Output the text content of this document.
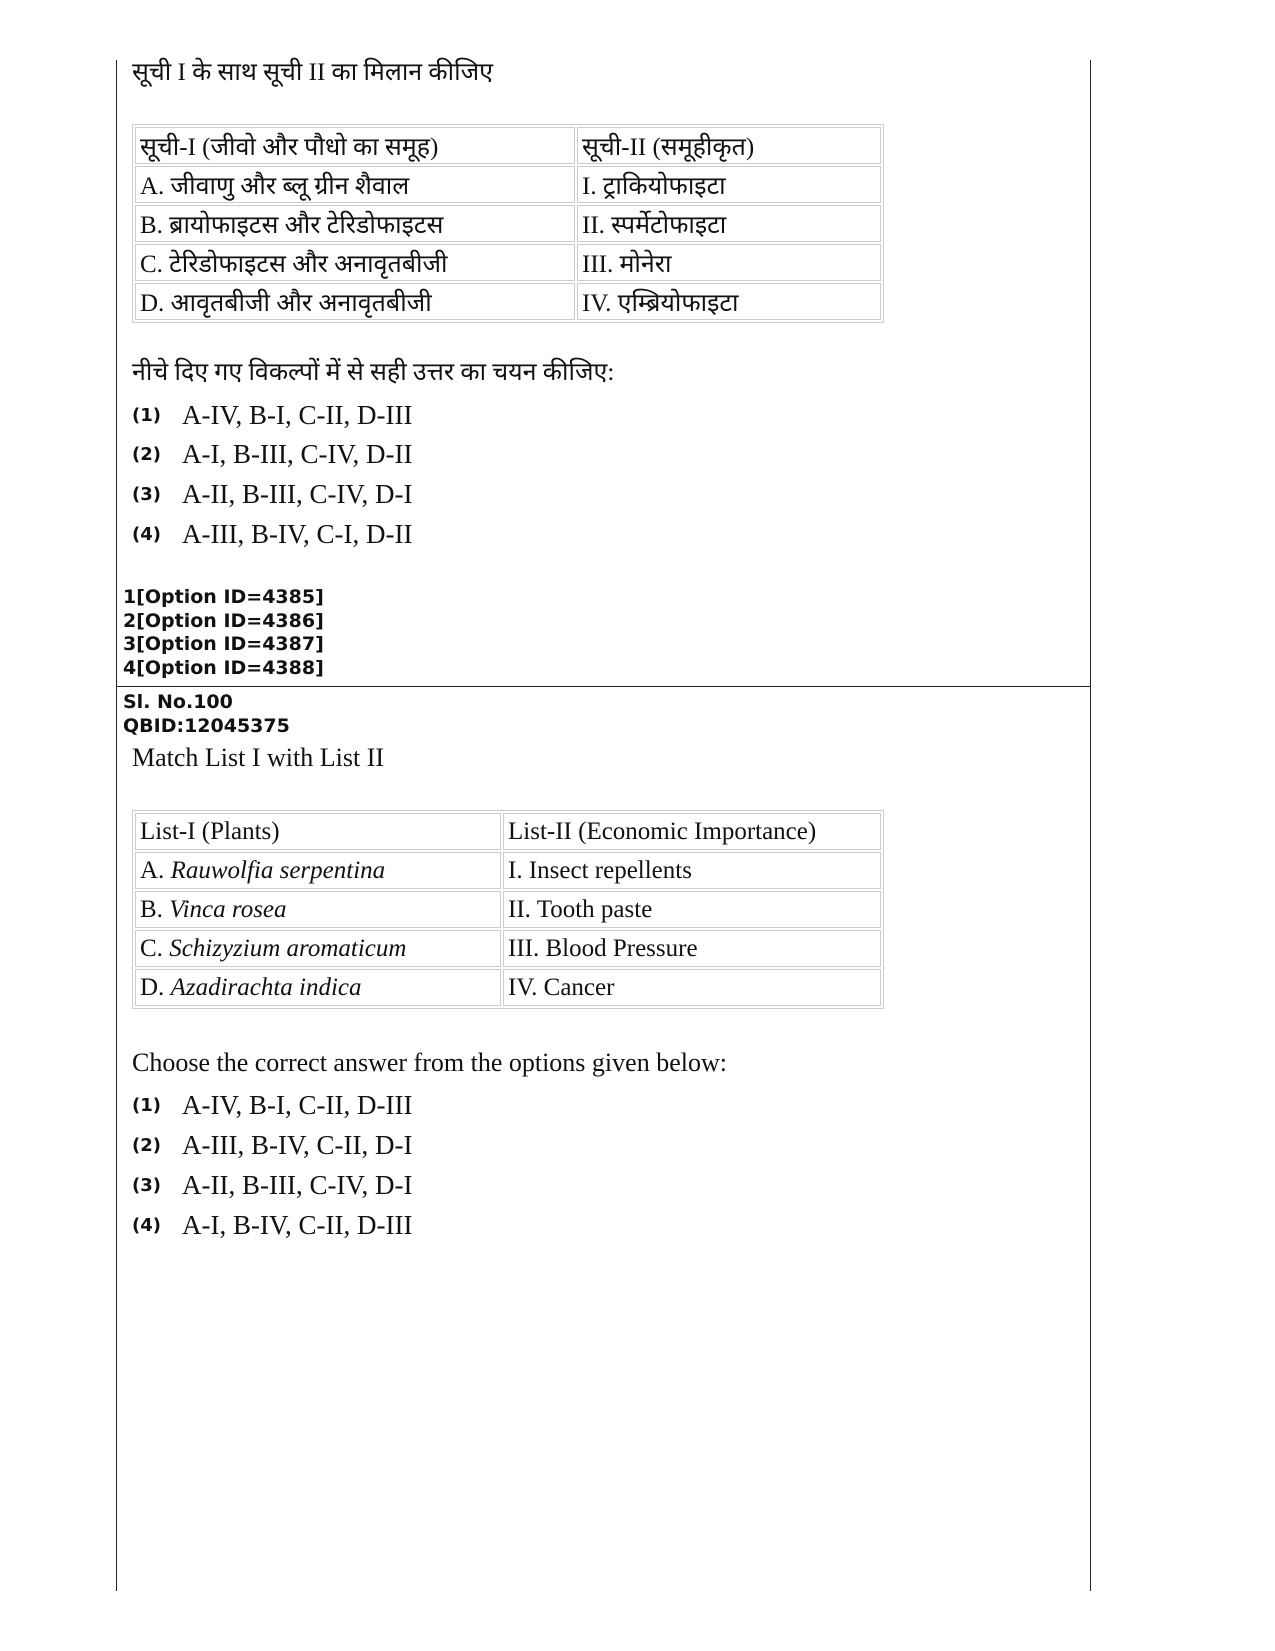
सूची I के साथ सूची II का मिलान कीजिए
सूची-I (जीवो और पौधो का समूह)	सूची-II (समूहीकृत)
A. जीवाणु और ब्लू ग्रीन शैवाल	I. ट्राकियोफाइटा
B. ब्रायोफाइटस और टेरिडोफाइटस	II. स्पर्मेटोफाइटा
C. टेरिडोफाइटस और अनावृतबीजी	III. मोनेरा
D. आवृतबीजी और अनावृतबीजी	IV. एम्ब्रियोफाइटा
नीचे दिए गए विकल्पों में से सही उत्तर का चयन कीजिए:
(1) A-IV, B-I, C-II, D-III
(2) A-I, B-III, C-IV, D-II
(3) A-II, B-III, C-IV, D-I
(4) A-III, B-IV, C-I, D-II
1[Option ID=4385]
2[Option ID=4386]
3[Option ID=4387]
4[Option ID=4388]
Sl. No.100
QBID:12045375
Match List I with List II
List-I (Plants)	List-II (Economic Importance)
A. Rauwolfia serpentina	I. Insect repellents
B. Vinca rosea	II. Tooth paste
C. Schizyzium aromaticum	III. Blood Pressure
D. Azadirachta indica	IV. Cancer
Choose the correct answer from the options given below:
(1) A-IV, B-I, C-II, D-III
(2) A-III, B-IV, C-II, D-I
(3) A-II, B-III, C-IV, D-I
(4) A-I, B-IV, C-II, D-III
